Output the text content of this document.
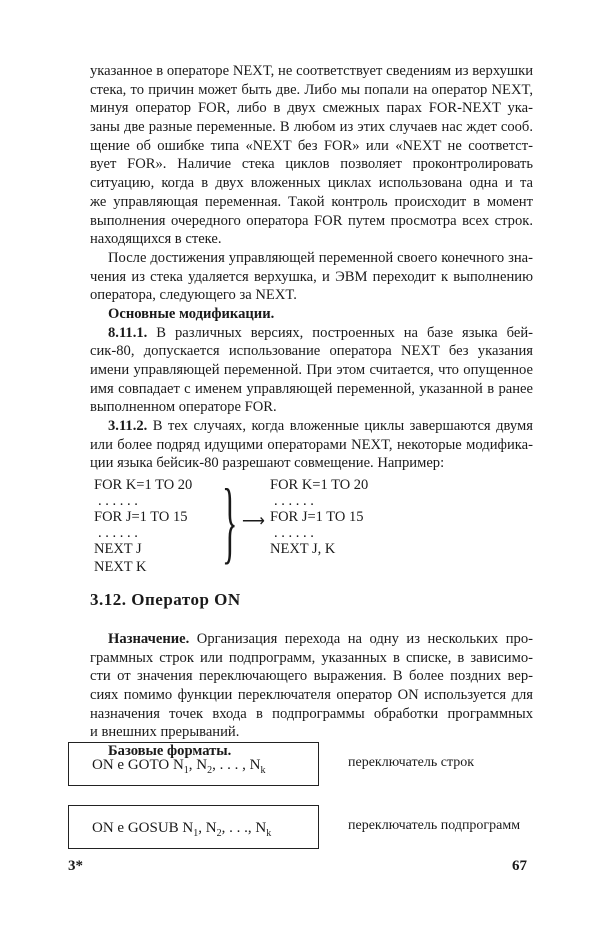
указанное в операторе NEXT, не соответствует сведениям из верхушки
стека, то причин может быть две. Либо мы попали на оператор NEXT,
минуя оператор FOR, либо в двух смежных парах FOR-NEXT ука-
заны две разные переменные. В любом из этих случаев нас ждет сооб.
щение об ошибке типа «NEXT без FOR» или «NEXT не соответст-
вует FOR». Наличие стека циклов позволяет проконтролировать
ситуацию, когда в двух вложенных циклах использована одна и та
же управляющая переменная. Такой контроль происходит в момент
выполнения очередного оператора FOR путем просмотра всех строк.
находящихся в стеке.
После достижения управляющей переменной своего конечного зна-
чения из стека удаляется верхушка, и ЭВМ переходит к выполнению
оператора, следующего за NEXT.
Основные модификации.
8.11.1. В различных версиях, построенных на базе языка бей-
сик-80, допускается использование оператора NEXT без указания
имени управляющей переменной. При этом считается, что опущенное
имя совпадает с именем управляющей переменной, указанной в ранее
выполненном операторе FOR.
3.11.2. В тех случаях, когда вложенные циклы завершаются двумя
или более подряд идущими операторами NEXT, некоторые модифика-
ции языка бейсик-80 разрешают совмещение. Например:
FOR K=1 TO 20
. . . . . .
FOR J=1 TO 15
. . . . . .
NEXT J
NEXT K } ⟶
FOR K=1 TO 20
. . . . . .
FOR J=1 TO 15
. . . . . .
NEXT J, K
3.12. Оператор ON
Назначение. Организация перехода на одну из нескольких про-
граммных строк или подпрограмм, указанных в списке, в зависимо-
сти от значения переключающего выражения. В более поздних вер-
сиях помимо функции переключателя оператор ON используется для
назначения точек входа в подпрограммы обработки программных
и внешних прерываний.
Базовые форматы.
ON e GOTO $N_1$, $N_2$, . . . , $N_k$
переключатель строк
ON e GOSUB $N_1$, $N_2$, . . ., $N_k$
переключатель подпрограмм
3*	67
